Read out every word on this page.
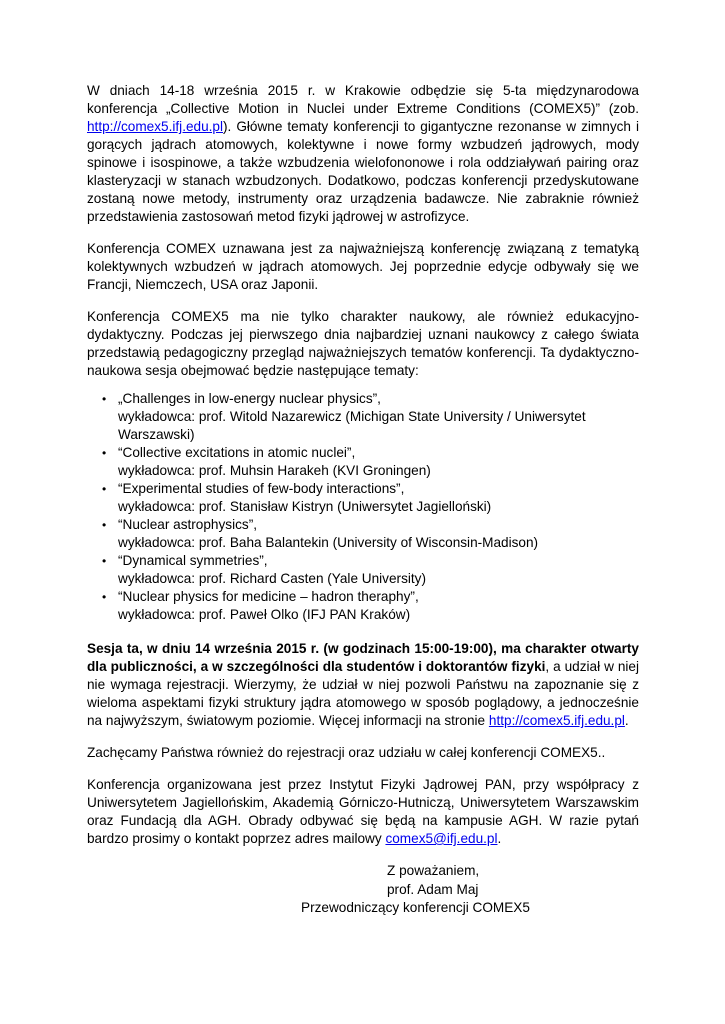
W dniach 14-18 września 2015 r. w Krakowie odbędzie się 5-ta międzynarodowa konferencja „Collective Motion in Nuclei under Extreme Conditions (COMEX5)” (zob. http://comex5.ifj.edu.pl). Główne tematy konferencji to gigantyczne rezonanse w zimnych i gorących jądrach atomowych, kolektywne i nowe formy wzbudzeń jądrowych, mody spinowe i isospinowe, a także wzbudzenia wielofononowe i rola oddziaływań pairing oraz klasteryzacji w stanach wzbudzonych. Dodatkowo, podczas konferencji przedyskutowane zostaną nowe metody, instrumenty oraz urządzenia badawcze. Nie zabraknie również przedstawienia zastosowań metod fizyki jądrowej w astrofizyce.

Konferencja COMEX uznawana jest za najważniejszą konferencję związaną z tematyką kolektywnych wzbudzeń w jądrach atomowych. Jej poprzednie edycje odbywały się we Francji, Niemczech, USA oraz Japonii.

Konferencja COMEX5 ma nie tylko charakter naukowy, ale również edukacyjno-dydaktyczny. Podczas jej pierwszego dnia najbardziej uznani naukowcy z całego świata przedstawią pedagogiczny przegląd najważniejszych tematów konferencji. Ta dydaktyczno-naukowa sesja obejmować będzie następujące tematy:

• „Challenges in low-energy nuclear physics”,
wykładowca: prof. Witold Nazarewicz (Michigan State University / Uniwersytet Warszawski)
• “Collective excitations in atomic nuclei”,
wykładowca: prof. Muhsin Harakeh (KVI Groningen)
• “Experimental studies of few-body interactions”,
wykładowca: prof. Stanisław Kistryn (Uniwersytet Jagielloński)
• “Nuclear astrophysics”,
wykładowca: prof. Baha Balantekin (University of Wisconsin-Madison)
• “Dynamical symmetries”,
wykładowca: prof. Richard Casten (Yale University)
• “Nuclear physics for medicine – hadron theraphy”,
wykładowca: prof. Paweł Olko (IFJ PAN Kraków)

Sesja ta, w dniu 14 września 2015 r. (w godzinach 15:00-19:00), ma charakter otwarty dla publiczności, a w szczególności dla studentów i doktorantów fizyki, a udział w niej nie wymaga rejestracji. Wierzymy, że udział w niej pozwoli Państwu na zapoznanie się z wieloma aspektami fizyki struktury jądra atomowego w sposób poglądowy, a jednocześnie na najwyższym, światowym poziomie. Więcej informacji na stronie http://comex5.ifj.edu.pl.

Zachęcamy Państwa również do rejestracji oraz udziału w całej konferencji COMEX5..

Konferencja organizowana jest przez Instytut Fizyki Jądrowej PAN, przy współpracy z Uniwersytetem Jagiellońskim, Akademią Górniczo-Hutniczą, Uniwersytetem Warszawskim oraz Fundacją dla AGH. Obrady odbywać się będą na kampusie AGH. W razie pytań bardzo prosimy o kontakt poprzez adres mailowy comex5@ifj.edu.pl.

Z poważaniem,
prof. Adam Maj
Przewodniczący konferencji COMEX5
